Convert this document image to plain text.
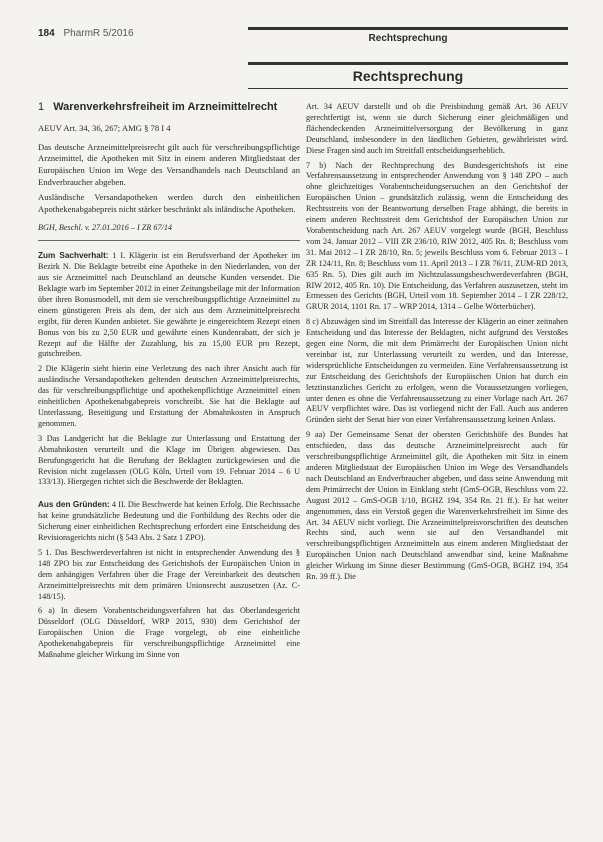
184 PharmR 5/2016	Rechtsprechung
Rechtsprechung

1 Warenverkehrsfreiheit im Arzneimittelrecht

AEUV Art. 34, 36, 267; AMG § 78 I 4

Das deutsche Arzneimittelpreisrecht gilt auch für verschreibungspflichtige Arzneimittel, die Apotheken mit Sitz in einem anderen Mitgliedstaat der Europäischen Union im Wege des Versandhandels nach Deutschland an Endverbraucher abgeben.

Ausländische Versandapotheken werden durch den einheitlichen Apothekenabgabepreis nicht stärker beschränkt als inländische Apotheken.

BGH, Beschl. v. 27.01.2016 – I ZR 67/14

Zum Sachverhalt: 1 I. Klägerin ist ein Berufsverband der Apotheker im Bezirk N. Die Beklagte betreibt eine Apotheke in den Niederlanden, von der aus sie Arzneimittel nach Deutschland an deutsche Kunden versendet. Die Beklagte warb im September 2012 in einer Zeitungsbeilage mit der Information über ihren Bonusmodell, mit dem sie verschreibungspflichtige Arzneimittel zu einem günstigeren Preis als dem, der sich aus dem Arzneimittelpreisrecht ergibt, für deren Kunden anbietet. Sie gewährte je eingereichtem Rezept einen Bonus von bis zu 2,50 EUR und gewährte einen Kundenrabatt, der sich je Rezept auf die Hälfte der Zuzahlung, bis zu 15,00 EUR pro Rezept, gutschreiben.

2 Die Klägerin sieht hierin eine Verletzung des nach ihrer Ansicht auch für ausländische Versandapotheken geltenden deutschen Arzneimittelpreisrechts, das für verschreibungspflichtige und apothekenpflichtige Arzneimittel einen einheitlichen Apothekenabgabepreis vorschreibt. Sie hat die Beklagte auf Unterlassung, Beseitigung und Erstattung der Abmahnkosten in Anspruch genommen.

3 Das Landgericht hat die Beklagte zur Unterlassung und Erstattung der Abmahnkosten verurteilt und die Klage im Übrigen abgewiesen. Das Berufungsgericht hat die Berufung der Beklagten zurückgewiesen und die Revision nicht zugelassen (OLG Köln, Urteil vom 19. Februar 2014 – 6 U 133/13). Hiergegen richtet sich die Beschwerde der Beklagten.

Aus den Gründen: 4 II. Die Beschwerde hat keinen Erfolg. Die Rechtssache hat keine grundsätzliche Bedeutung und die Fortbildung des Rechts oder die Sicherung einer einheitlichen Rechtsprechung erfordert eine Entscheidung des Revisionsgerichts nicht (§ 543 Abs. 2 Satz 1 ZPO).

5 1. Das Beschwerdeverfahren ist nicht in entsprechender Anwendung des § 148 ZPO bis zur Entscheidung des Gerichtshofs der Europäischen Union in dem anhängigen Verfahren über die Frage der Vereinbarkeit des deutschen Arzneimittelpreisrechts mit dem primären Unionsrecht auszusetzen (Az. C-148/15).

6 a) In diesem Vorabentscheidungsverfahren hat das Oberlandesgericht Düsseldorf (OLG Düsseldorf, WRP 2015, 930) dem Gerichtshof der Europäischen Union die Frage vorgelegt, ob eine einheitliche Apothekenabgabepreis für verschreibungspflichtige Arzneimittel eine Maßnahme gleicher Wirkung im Sinne von

Art. 34 AEUV darstellt und ob die Preisbindung gemäß Art. 36 AEUV gerechtfertigt ist, wenn sie durch Sicherung einer gleichmäßigen und flächendeckenden Arzneimittelversorgung der Bevölkerung in ganz Deutschland, insbesondere in den ländlichen Gebieten, gewährleistet wird. Diese Fragen sind auch im Streitfall entscheidungserheblich.

7 b) Nach der Rechtsprechung des Bundesgerichtshofs ist eine Verfahrensaussetzung in entsprechender Anwendung von § 148 ZPO – auch ohne gleichzeitiges Vorabentscheidungsersuchen an den Gerichtshof der Europäischen Union – grundsätzlich zulässig, wenn die Entscheidung des Rechtsstreits von der Beantwortung derselben Frage abhängt, die bereits in einem anderen Rechtsstreit dem Gerichtshof der Europäischen Union zur Vorabentscheidung nach Art. 267 AEUV vorgelegt wurde (BGH, Beschluss vom 24. Januar 2012 – VIII ZR 236/10, RIW 2012, 405 Rn. 8; Beschluss vom 31. Mai 2012 – I ZR 28/10, Rn. 5; jeweils Beschluss vom 6. Februar 2013 – I ZR 124/11, Rn. 8; Beschluss vom 11. April 2013 – I ZR 76/11, ZUM-RD 2013, 635 Rn. 5). Dies gilt auch im Nichtzulassungsbeschwerdeverfahren (BGH, RIW 2012, 405 Rn. 10). Die Entscheidung, das Verfahren auszusetzen, steht im Ermessen des Gerichts (BGH, Urteil vom 18. September 2014 – I ZR 228/12, GRUR 2014, 1101 Rn. 17 – WRP 2014, 1314 – Gelbe Wörterbücher).

8 c) Abzuwägen sind im Streitfall das Interesse der Klägerin an einer zeitnahen Entscheidung und das Interesse der Beklagten, nicht aufgrund des Verstoßes gegen eine Norm, die mit dem Primärrecht der Europäischen Union nicht vereinbar ist, zur Unterlassung verurteilt zu werden, und das Interesse, widersprüchliche Entscheidungen zu vermeiden. Eine Verfahrensaussetzung ist zur Entscheidung des Gerichtshofs der Europäischen Union hat durch ein letztinstanzliches Gericht zu erfolgen, wenn die Voraussetzungen vorliegen, unter denen es ohne die Verfahrensaussetzung zu einer Vorlage nach Art. 267 AEUV verpflichtet wäre. Das ist vorliegend nicht der Fall. Auch aus anderen Gründen sieht der Senat hier von einer Verfahrensaussetzung keinen Anlass.

9 aa) Der Gemeinsame Senat der obersten Gerichtshöfe des Bundes hat entschieden, dass das deutsche Arzneimittelpreisrecht auch für verschreibungspflichtige Arzneimittel gilt, die Apotheken mit Sitz in einem anderen Mitgliedstaat der Europäischen Union im Wege des Versandhandels nach Deutschland an Endverbraucher abgeben, und dass seine Anwendung mit dem Primärrecht der Union in Einklang steht (GmS-OGB, Beschluss vom 22. August 2012 – GmS-OGB 1/10, BGHZ 194, 354 Rn. 21 ff.). Er hat weiter angenommen, dass ein Verstoß gegen die Warenverkehrsfreiheit im Sinne des Art. 34 AEUV nicht vorliegt. Die Arzneimittelpreisvorschriften des deutschen Rechts sind, auch wenn sie auf den Versandhandel mit verschreibungspflichtigen Arzneimitteln aus einem anderen Mitgliedstaat der Europäischen Union nach Deutschland anwendbar sind, keine Maßnahme gleicher Wirkung im Sinne dieser Bestimmung (GmS-OGB, BGHZ 194, 354 Rn. 39 ff.). Die
